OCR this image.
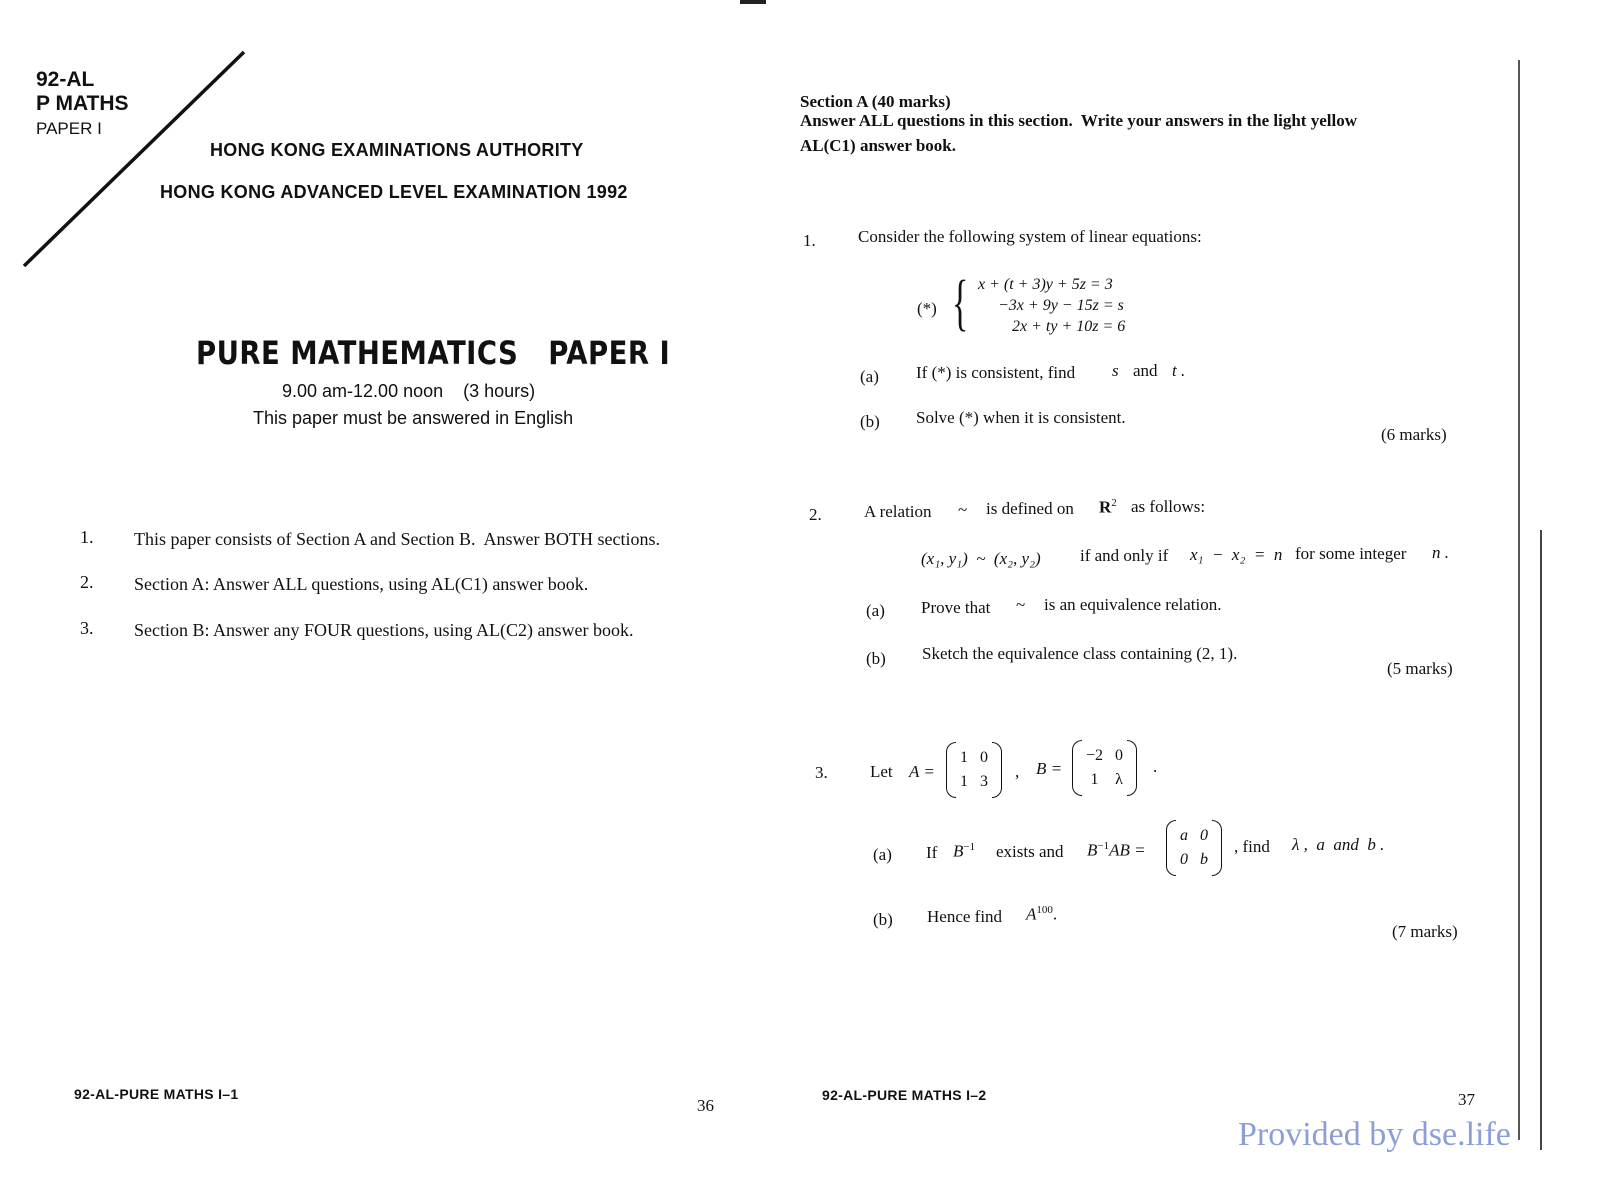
92-AL
P MATHS
PAPER I
HONG KONG EXAMINATIONS AUTHORITY
HONG KONG ADVANCED LEVEL EXAMINATION 1992
PURE MATHEMATICS   PAPER I
9.00 am-12.00 noon    (3 hours)
This paper must be answered in English
1. This paper consists of Section A and Section B.  Answer BOTH sections.
2. Section A: Answer ALL questions, using AL(C1) answer book.
3. Section B: Answer any FOUR questions, using AL(C2) answer book.
92-AL-PURE MATHS I–1
36
Section A (40 marks)
Answer ALL questions in this section.  Write your answers in the light yellow
AL(C1) answer book.
1. Consider the following system of linear equations:
(*) { x + (t + 3)y + 5z = 3
−3x + 9y − 15z = s
2x + ty + 10z = 6
(a) If (*) is consistent, find s and t .
(b) Solve (*) when it is consistent.
(6 marks)
2. A relation ~ is defined on $R^2$ as follows:
(x₁, y₁)  ~  (x₂, y₂) if and only if x₁  −  x₂  =  n for some integer n .
(a) Prove that ~ is an equivalence relation.
(b) Sketch the equivalence class containing (2, 1).
(5 marks)
3. Let A =
1 0
1 3
, B =
−2 0
1 λ
.
(a) If $B^{-1}$ exists and $B^{-1}AB$ =
a 0
0 b
, find λ ,  a  and  b .
(b) Hence find $A^{100}$.
(7 marks)
92-AL-PURE MATHS I–2	37
Provided by dse.life
